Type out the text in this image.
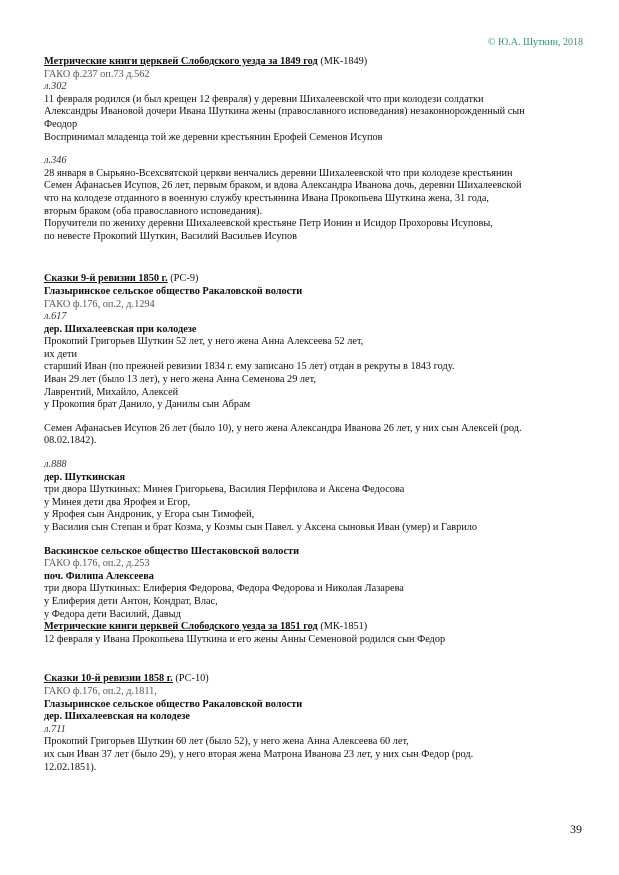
© Ю.А. Шуткин, 2018
Метрические книги церквей Слободского уезда за 1849 год (МК-1849)
ГАКО ф.237 оп.73 д.562
л.302
11 февраля родился (и был крещен 12 февраля) у деревни Шихалеевской что при колодези солдатки
Александры Ивановой дочери Ивана Шуткина жены (православного исповедания) незаконнорожденный сын
Феодор
Воспринимал младенца той же деревни крестьянин Ерофей Семенов Исупов
л.346
28 января в Сырьяно-Всехсвятской церкви венчались деревни Шихалеевской что при колодезе крестьянин
Семен Афанасьев Исупов, 26 лет, первым браком, и вдова Александра Иванова дочь, деревни Шихалеевской
что на колодезе отданного в военную службу крестьянина Ивана Прокопьева Шуткина жена, 31 года,
вторым браком (оба православного исповедания).
Поручители по жениху деревни Шихалеевской крестьяне Петр Ионин и Исидор Прохоровы Исуповы,
по невесте Прокопий Шуткин, Василий Васильев Исупов
Сказки 9-й ревизии 1850 г. (РС-9)
Глазыринское сельское общество Ракаловской волости
ГАКО ф.176, оп.2, д.1294
л.617
дер. Шихалеевская при колодезе
Прокопий Григорьев Шуткин 52 лет, у него жена Анна Алексеева 52 лет,
их дети
старший Иван (по прежней ревизии 1834 г. ему записано 15 лет) отдан в рекруты в 1843 году.
Иван 29 лет (было 13 лет), у него жена Анна Семенова 29 лет,
Лаврентий, Михайло, Алексей
у Прокопия брат Данило, у Данилы сын Абрам
Семен Афанасьев Исупов 26 лет (было 10), у него жена Александра Иванова 26 лет, у них сын Алексей (род.
08.02.1842).
л.888
дер. Шуткинская
три двора Шуткиных: Минея Григорьева, Василия Перфилова и Аксена Федосова
у Минея дети два Ярофея и Егор,
у Ярофея сын Андроник, у Егора сын Тимофей,
у Василия сын Степан и брат Козма, у Козмы сын Павел. у Аксена сыновья Иван (умер) и Гаврило
Васкинское сельское общество Шестаковской волости
ГАКО ф.176, оп.2, д.253
поч. Филипа Алексеева
три двора Шуткиных: Елиферия Федорова, Федора Федорова и Николая Лазарева
у Елиферия дети Антон, Кондрат, Влас,
у Федора дети Василий, Давыд
Метрические книги церквей Слободского уезда за 1851 год (МК-1851)
12 февраля у Ивана Прокопьева Шуткина и его жены Анны Семеновой родился сын Федор
Сказки 10-й ревизии 1858 г. (РС-10)
ГАКО ф.176, оп.2, д.1811,
Глазыринское сельское общество Ракаловской волости
дер. Шихалеевская на колодезе
л.711
Прокопий Григорьев Шуткин 60 лет (было 52), у него жена Анна Алексеева 60 лет,
их сын Иван 37 лет (было 29), у него вторая жена Матрона Иванова 23 лет, у них сын Федор (род.
12.02.1851).
39
